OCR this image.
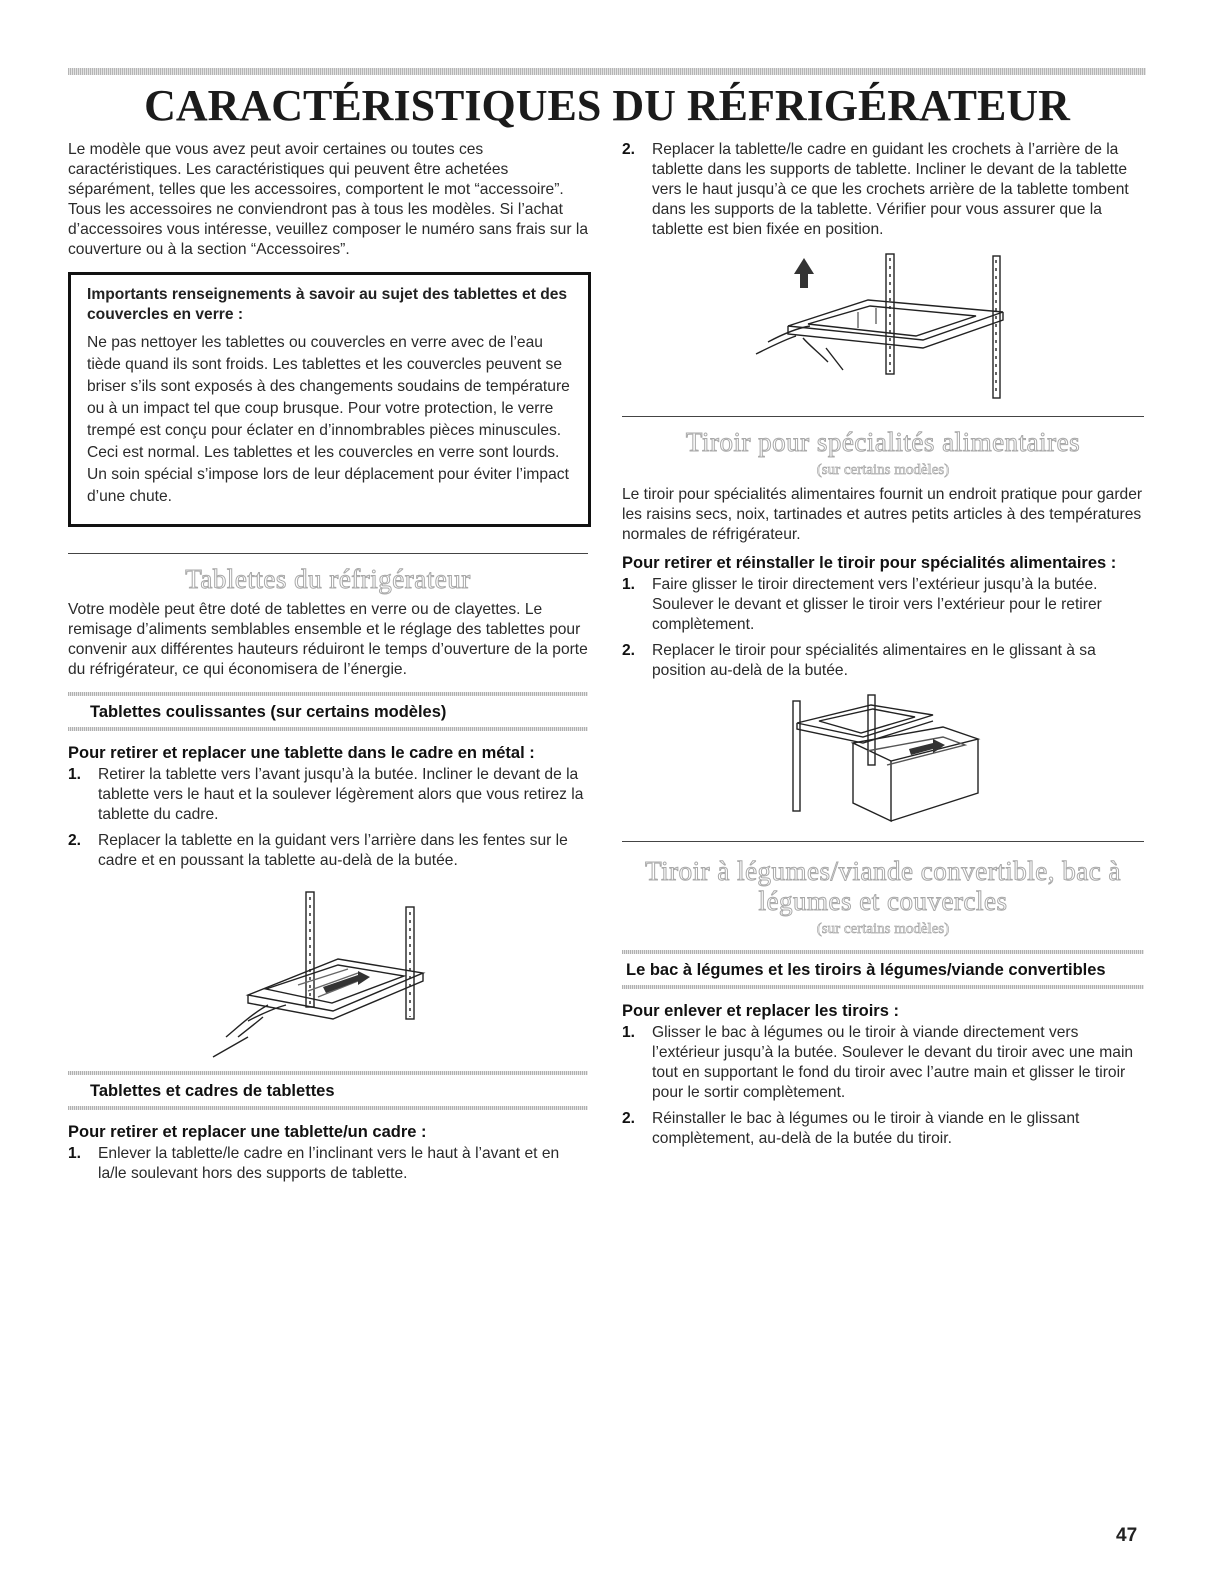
CARACTÉRISTIQUES DU RÉFRIGÉRATEUR

Le modèle que vous avez peut avoir certaines ou toutes ces caractéristiques. Les caractéristiques qui peuvent être achetées séparément, telles que les accessoires, comportent le mot “accessoire”. Tous les accessoires ne conviendront pas à tous les modèles. Si l’achat d’accessoires vous intéresse, veuillez composer le numéro sans frais sur la couverture ou à la section “Accessoires”.

Importants renseignements à savoir au sujet des tablettes et des couvercles en verre :

Ne pas nettoyer les tablettes ou couvercles en verre avec de l’eau tiède quand ils sont froids. Les tablettes et les couvercles peuvent se briser s’ils sont exposés à des changements soudains de température ou à un impact tel que coup brusque. Pour votre protection, le verre trempé est conçu pour éclater en d’innombrables pièces minuscules. Ceci est normal. Les tablettes et les couvercles en verre sont lourds. Un soin spécial s’impose lors de leur déplacement pour éviter l’impact d’une chute.

Tablettes du réfrigérateur

Votre modèle peut être doté de tablettes en verre ou de clayettes. Le remisage d’aliments semblables ensemble et le réglage des tablettes pour convenir aux différentes hauteurs réduiront le temps d’ouverture de la porte du réfrigérateur, ce qui économisera de l’énergie.

Tablettes coulissantes (sur certains modèles)
Pour retirer et replacer une tablette dans le cadre en métal :
1. Retirer la tablette vers l’avant jusqu’à la butée. Incliner le devant de la tablette vers le haut et la soulever légèrement alors que vous retirez la tablette du cadre.
2. Replacer la tablette en la guidant vers l’arrière dans les fentes sur le cadre et en poussant la tablette au-delà de la butée.
Tablettes et cadres de tablettes
Pour retirer et replacer une tablette/un cadre :
1. Enlever la tablette/le cadre en l’inclinant vers le haut à l’avant et en la/le soulevant hors des supports de tablette.
2. Replacer la tablette/le cadre en guidant les crochets à l’arrière de la tablette dans les supports de tablette. Incliner le devant de la tablette vers le haut jusqu’à ce que les crochets arrière de la tablette tombent dans les supports de la tablette. Vérifier pour vous assurer que la tablette est bien fixée en position.
Tiroir pour spécialités alimentaires
(sur certains modèles)

Le tiroir pour spécialités alimentaires fournit un endroit pratique pour garder les raisins secs, noix, tartinades et autres petits articles à des températures normales de réfrigérateur.

Pour retirer et réinstaller le tiroir pour spécialités alimentaires :
1. Faire glisser le tiroir directement vers l’extérieur jusqu’à la butée. Soulever le devant et glisser le tiroir vers l’extérieur pour le retirer complètement.
2. Replacer le tiroir pour spécialités alimentaires en le glissant à sa position au-delà de la butée.
Tiroir à légumes/viande convertible, bac à
légumes et couvercles
(sur certains modèles)
Le bac à légumes et les tiroirs à légumes/viande convertibles
Pour enlever et replacer les tiroirs :
1. Glisser le bac à légumes ou le tiroir à viande directement vers l’extérieur jusqu’à la butée. Soulever le devant du tiroir avec une main tout en supportant le fond du tiroir avec l’autre main et glisser le tiroir pour le sortir complètement.
2. Réinstaller le bac à légumes ou le tiroir à viande en le glissant complètement, au-delà de la butée du tiroir.
47
